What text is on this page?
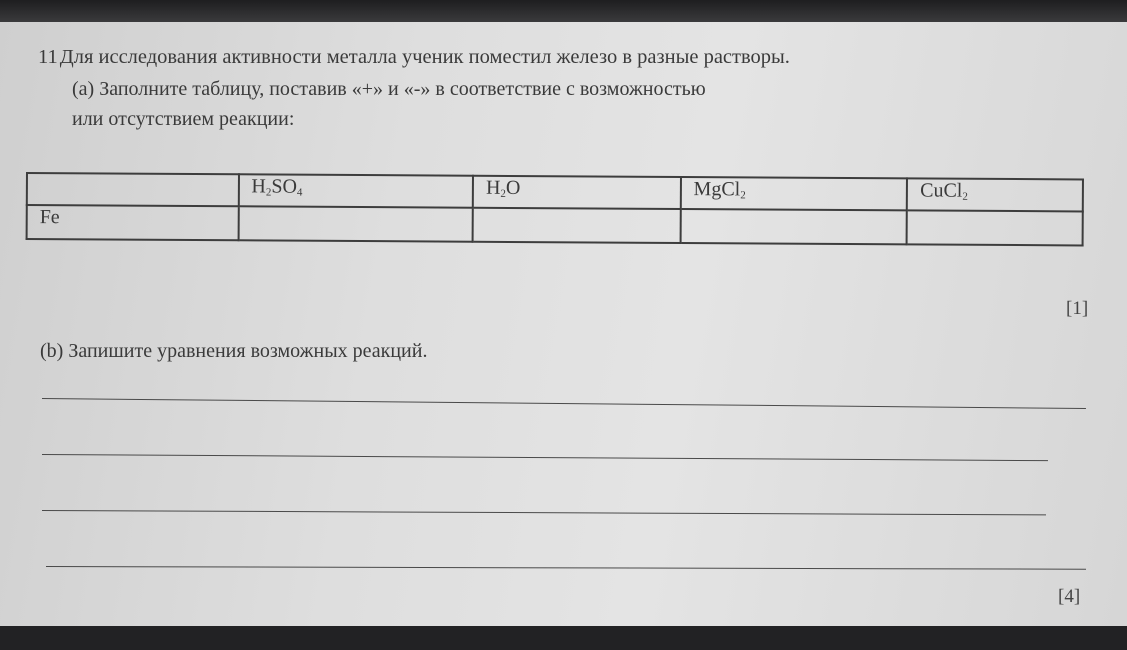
11Для исследования активности металла ученик поместил железо в разные растворы.
(a) Заполните таблицу, поставив «+» и «-» в соответствие с возможностью
или отсутствием реакции:
	$H_2SO_4$	$H_2O$	MgCl$_2$	CuCl$_2$
Fe				
[1]
(b) Запишите уравнения возможных реакций.
[4]
